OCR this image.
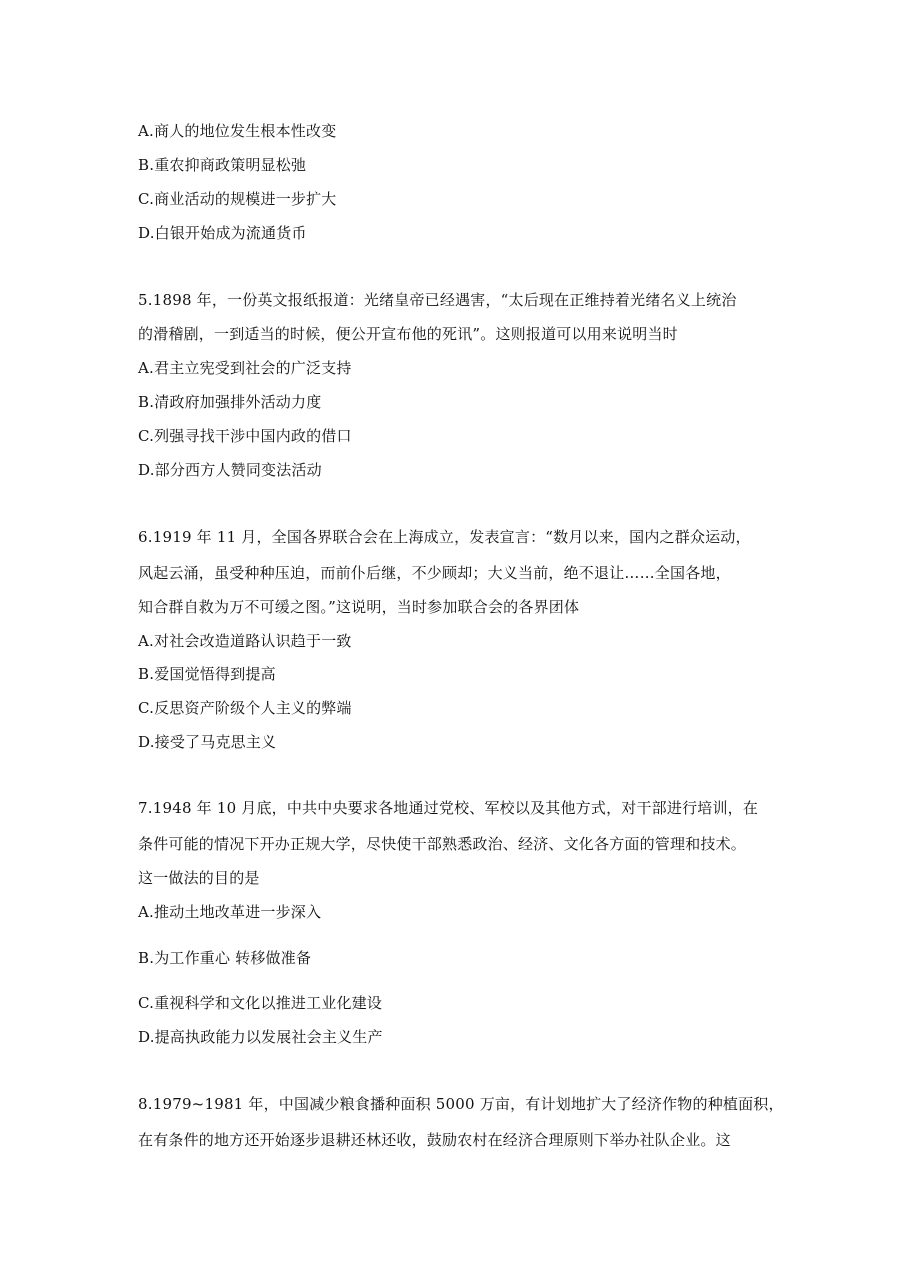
A.商人的地位发生根本性改变
B.重农抑商政策明显松弛
C.商业活动的规模进一步扩大
D.白银开始成为流通货币
5.1898 年，一份英文报纸报道：光绪皇帝已经遇害，“太后现在正维持着光绪名义上统治
的滑稽剧，一到适当的时候，便公开宣布他的死讯”。这则报道可以用来说明当时
A.君主立宪受到社会的广泛支持
B.清政府加强排外活动力度
C.列强寻找干涉中国内政的借口
D.部分西方人赞同变法活动
6.1919 年 11 月，全国各界联合会在上海成立，发表宣言：“数月以来，国内之群众运动，
风起云涌，虽受种种压迫，而前仆后继，不少顾却；大义当前，绝不退让……全国各地，
知合群自救为万不可缓之图。”这说明，当时参加联合会的各界团体
A.对社会改造道路认识趋于一致
B.爱国觉悟得到提高
C.反思资产阶级个人主义的弊端
D.接受了马克思主义
7.1948 年 10 月底，中共中央要求各地通过党校、军校以及其他方式，对干部进行培训，在
条件可能的情况下开办正规大学，尽快使干部熟悉政治、经济、文化各方面的管理和技术。
这一做法的目的是
A.推动土地改革进一步深入
B.为工作重心 转移做准备
C.重视科学和文化以推进工业化建设
D.提高执政能力以发展社会主义生产
8.1979~1981 年，中国减少粮食播种面积 5000 万亩，有计划地扩大了经济作物的种植面积，
在有条件的地方还开始逐步退耕还林还收，鼓励农村在经济合理原则下举办社队企业。这
